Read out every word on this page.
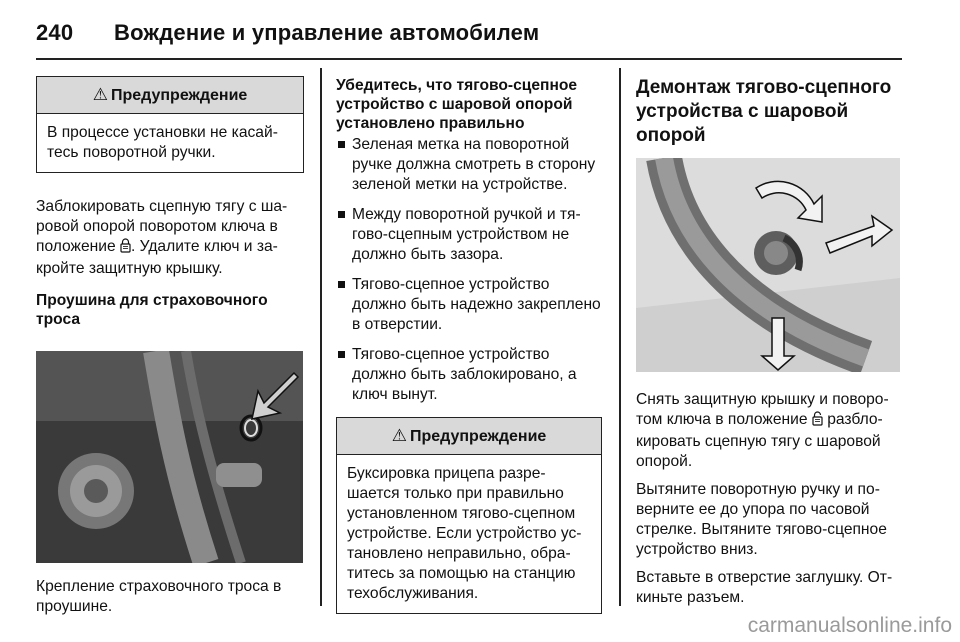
240 Вождение и управление автомобилем
⚠ Предупреждение
В процессе установки не касайтесь поворотной ручки.

Заблокировать сцепную тягу с шаровой опорой поворотом ключа в положение . Удалите ключ и закройте защитную крышку.

Проушина для страховочного троса

Крепление страховочного троса в проушине.

Убедитесь, что тягово-сцепное устройство с шаровой опорой установлено правильно
Зеленая метка на поворотной ручке должна смотреть в сторону зеленой метки на устройстве.
Между поворотной ручкой и тягово-сцепным устройством не должно быть зазора.
Тягово-сцепное устройство должно быть надежно закреплено в отверстии.
Тягово-сцепное устройство должно быть заблокировано, а ключ вынут.
⚠ Предупреждение
Буксировка прицепа разрешается только при правильно установленном тягово-сцепном устройстве. Если устройство установлено неправильно, обратитесь за помощью на станцию техобслуживания.
Демонтаж тягово-сцепного устройства с шаровой опорой

Снять защитную крышку и поворотом ключа в положение  разблокировать сцепную тягу с шаровой опорой.

Вытяните поворотную ручку и поверните ее до упора по часовой стрелке. Вытяните тягово-сцепное устройство вниз.

Вставьте в отверстие заглушку. Откиньте разъем.

carmanualsonline.info
